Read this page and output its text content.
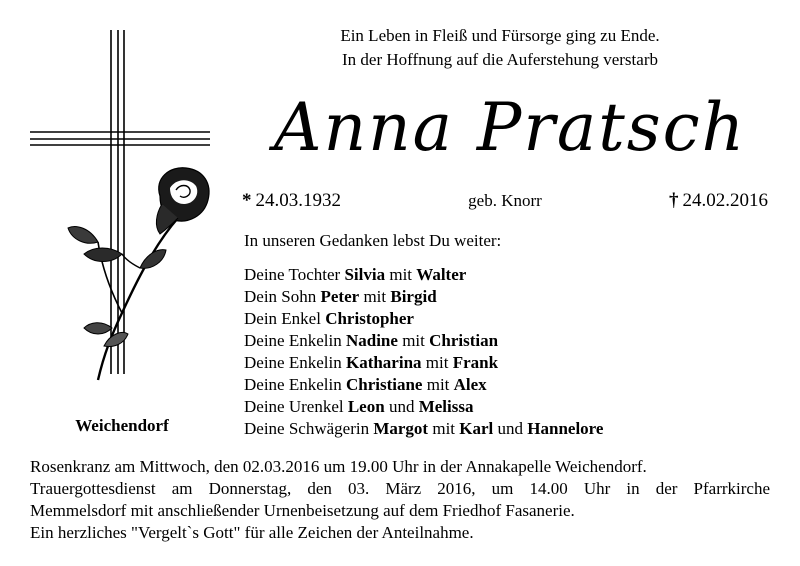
Ein Leben in Fleiß und Fürsorge ging zu Ende.
In der Hoffnung auf die Auferstehung verstarb
Anna Pratsch
* 24.03.1932	geb. Knorr	† 24.02.2016
In unseren Gedanken lebst Du weiter:
Deine Tochter Silvia mit Walter
Dein Sohn Peter mit Birgid
Dein Enkel Christopher
Deine Enkelin Nadine mit Christian
Deine Enkelin Katharina mit Frank
Deine Enkelin Christiane mit Alex
Deine Urenkel Leon und Melissa
Deine Schwägerin Margot mit Karl und Hannelore
Weichendorf

Rosenkranz am Mittwoch, den 02.03.2016 um 19.00 Uhr in der Annakapelle Weichendorf.

Trauergottesdienst am Donnerstag, den 03. März 2016, um 14.00 Uhr in der Pfarrkirche

Memmelsdorf mit anschließender Urnenbeisetzung auf dem Friedhof Fasanerie.

Ein herzliches "Vergelt`s Gott" für alle Zeichen der Anteilnahme.
